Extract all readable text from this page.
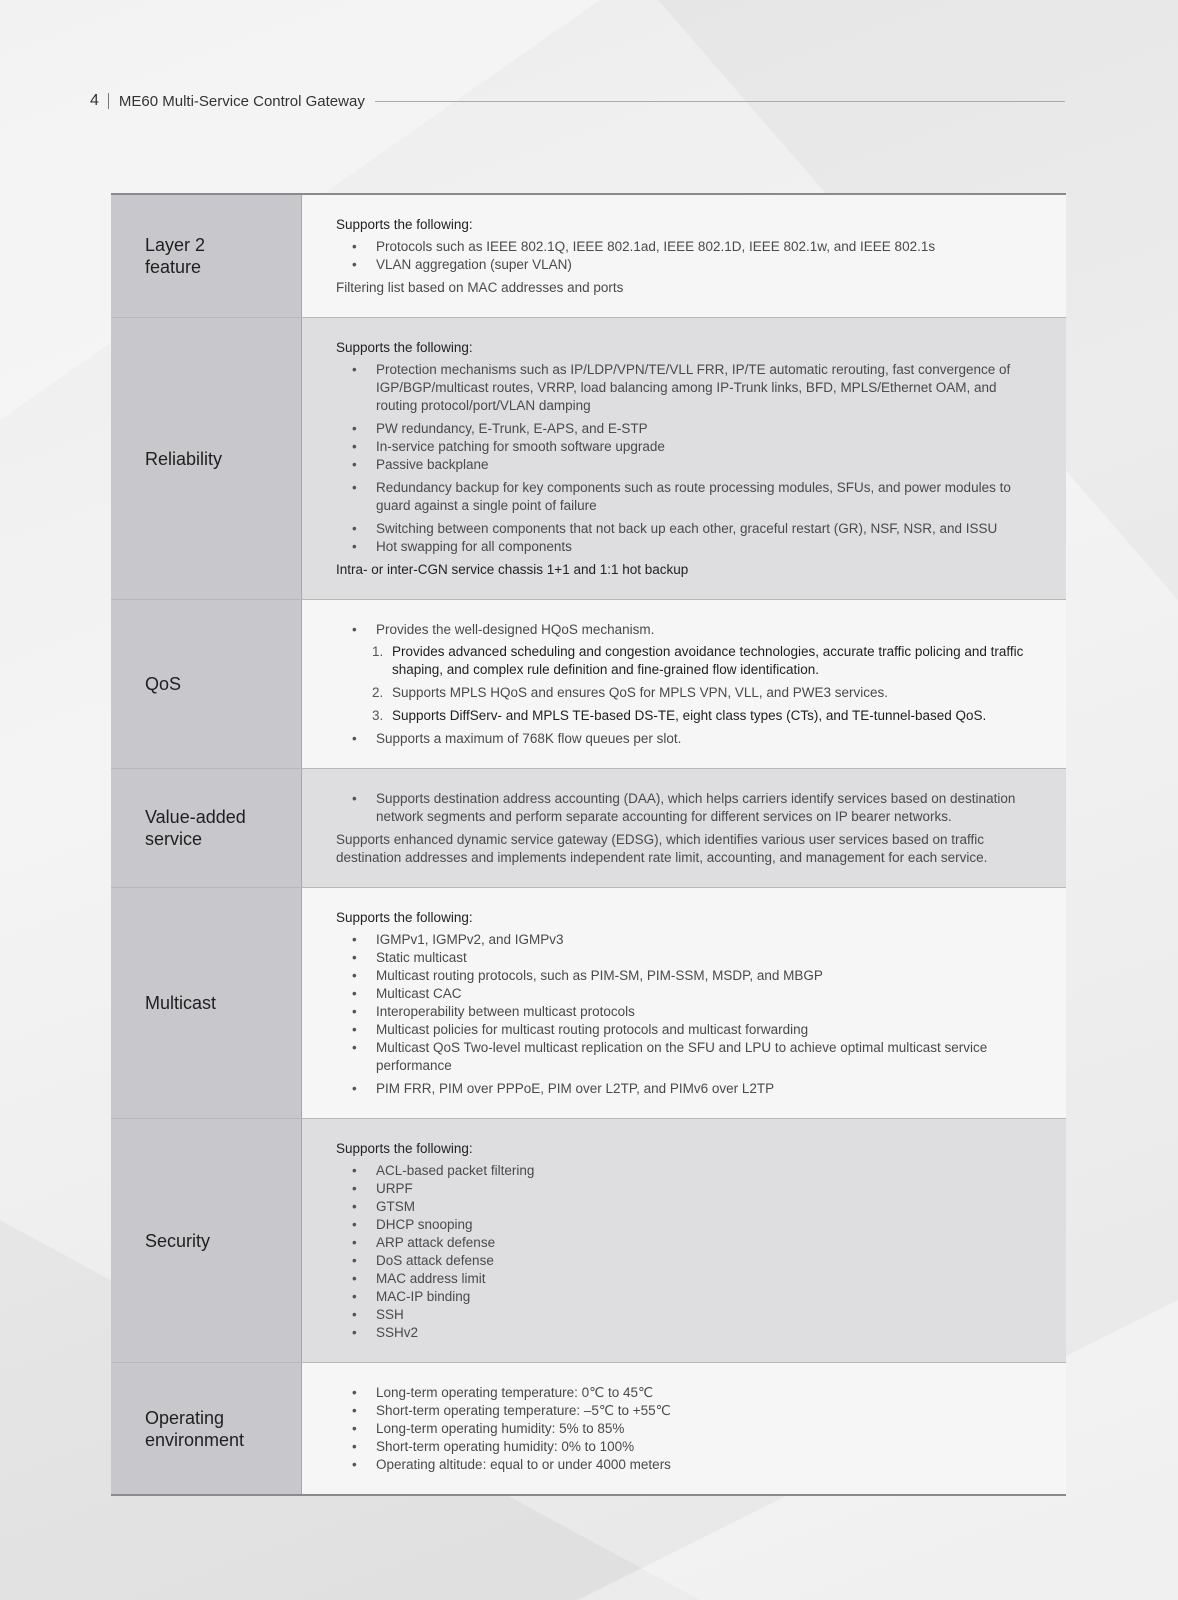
4 ME60 Multi-Service Control Gateway
Layer 2
feature
Supports the following:
• Protocols such as IEEE 802.1Q, IEEE 802.1ad, IEEE 802.1D, IEEE 802.1w, and IEEE 802.1s
• VLAN aggregation (super VLAN)
Filtering list based on MAC addresses and ports
Reliability
Supports the following:
• Protection mechanisms such as IP/LDP/VPN/TE/VLL FRR, IP/TE automatic rerouting, fast convergence of IGP/BGP/multicast routes, VRRP, load balancing among IP-Trunk links, BFD, MPLS/Ethernet OAM, and routing protocol/port/VLAN damping
• PW redundancy, E-Trunk, E-APS, and E-STP
• In-service patching for smooth software upgrade
• Passive backplane
• Redundancy backup for key components such as route processing modules, SFUs, and power modules to guard against a single point of failure
• Switching between components that not back up each other, graceful restart (GR), NSF, NSR, and ISSU
• Hot swapping for all components
Intra- or inter-CGN service chassis 1+1 and 1:1 hot backup
QoS
• Provides the well-designed HQoS mechanism.
1. Provides advanced scheduling and congestion avoidance technologies, accurate traffic policing and traffic shaping, and complex rule definition and fine-grained flow identification.
2. Supports MPLS HQoS and ensures QoS for MPLS VPN, VLL, and PWE3 services.
3. Supports DiffServ- and MPLS TE-based DS-TE, eight class types (CTs), and TE-tunnel-based QoS.
• Supports a maximum of 768K flow queues per slot.
Value-added
service
• Supports destination address accounting (DAA), which helps carriers identify services based on destination network segments and perform separate accounting for different services on IP bearer networks.
Supports enhanced dynamic service gateway (EDSG), which identifies various user services based on traffic destination addresses and implements independent rate limit, accounting, and management for each service.
Multicast
Supports the following:
• IGMPv1, IGMPv2, and IGMPv3
• Static multicast
• Multicast routing protocols, such as PIM-SM, PIM-SSM, MSDP, and MBGP
• Multicast CAC
• Interoperability between multicast protocols
• Multicast policies for multicast routing protocols and multicast forwarding
• Multicast QoS Two-level multicast replication on the SFU and LPU to achieve optimal multicast service performance
• PIM FRR, PIM over PPPoE, PIM over L2TP, and PIMv6 over L2TP
Security
Supports the following:
• ACL-based packet filtering
• URPF
• GTSM
• DHCP snooping
• ARP attack defense
• DoS attack defense
• MAC address limit
• MAC-IP binding
• SSH
• SSHv2
Operating
environment
• Long-term operating temperature: 0℃ to 45℃
• Short-term operating temperature: –5℃ to +55℃
• Long-term operating humidity: 5% to 85%
• Short-term operating humidity: 0% to 100%
• Operating altitude: equal to or under 4000 meters
